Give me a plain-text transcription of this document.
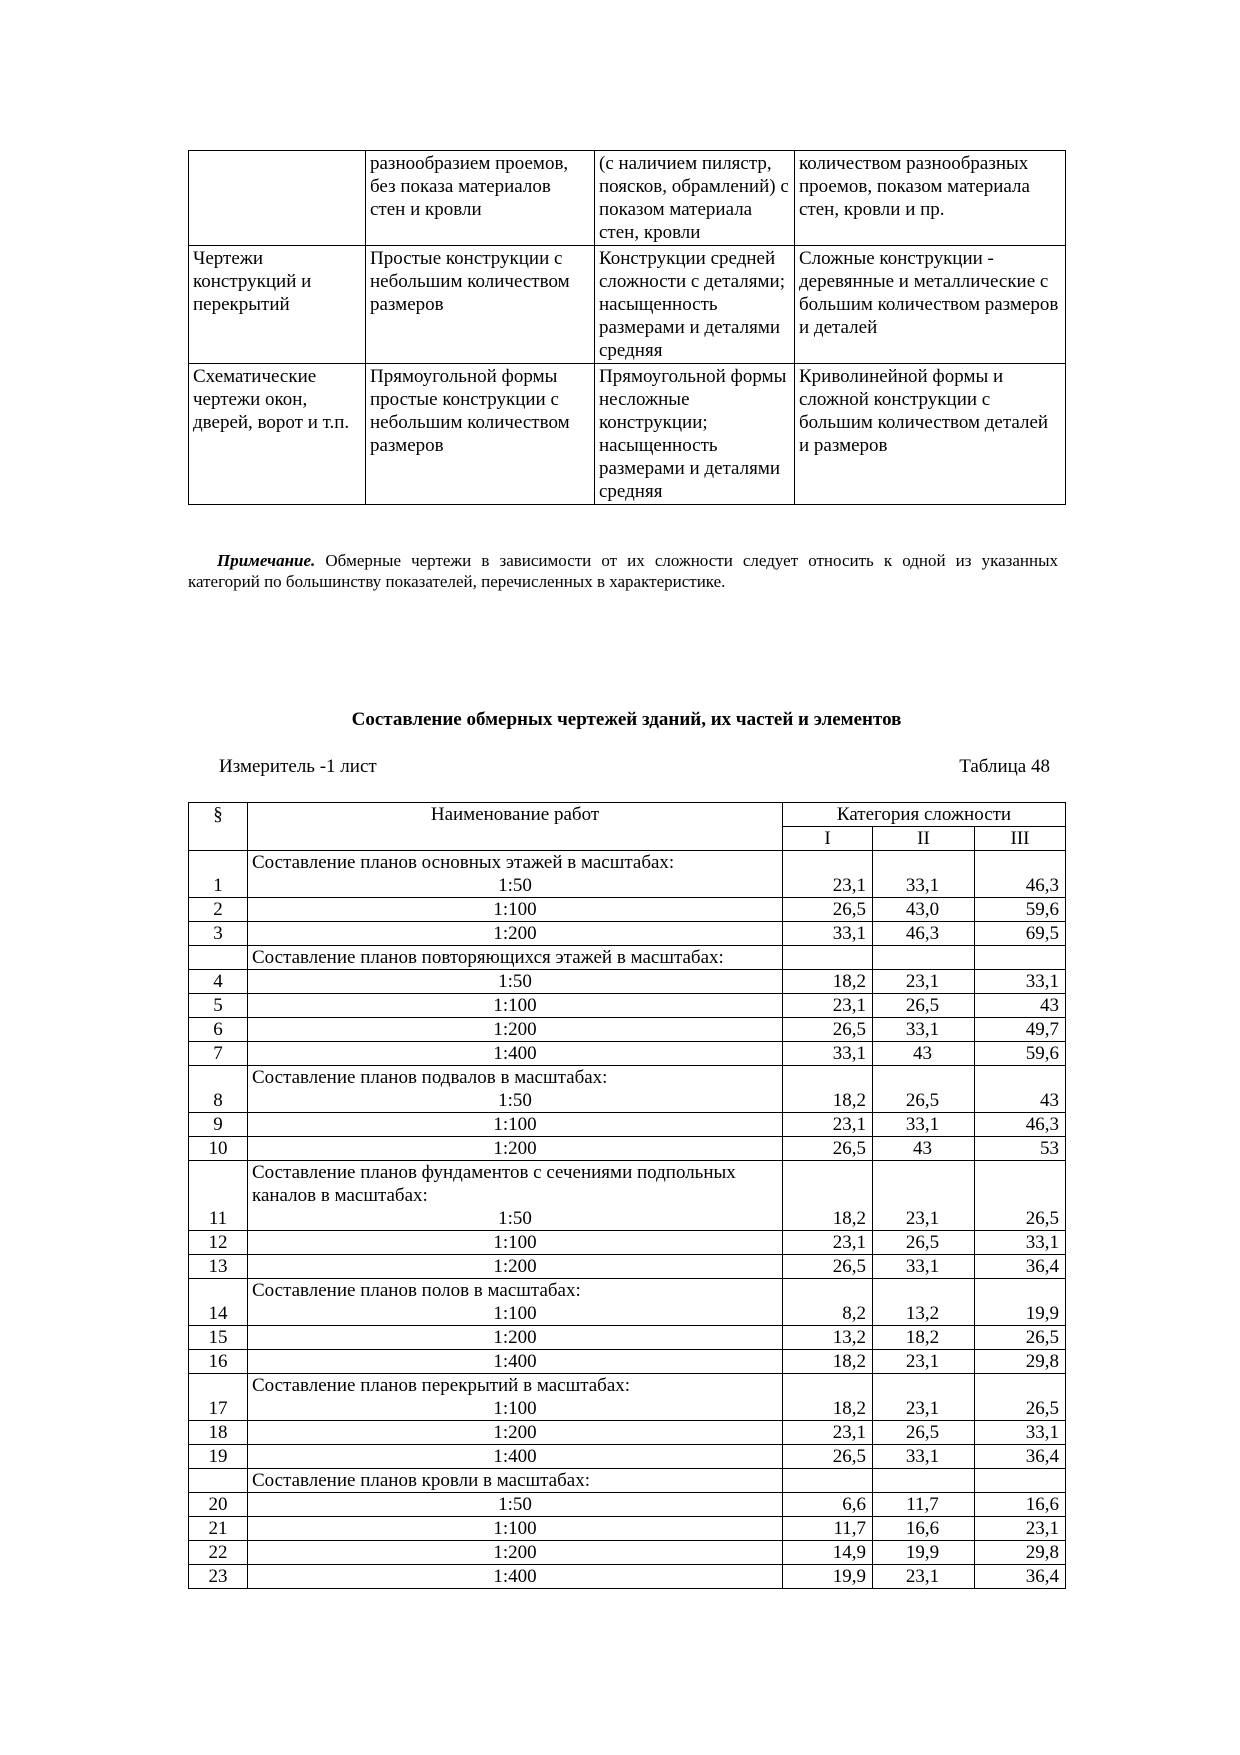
	разнообразием проемов, без показа материалов стен и кровли	(с наличием пилястр, поясков, обрамлений) с показом материала стен, кровли	количеством разнообразных проемов, показом материала стен, кровли и пр.
Чертежи конструкций и перекрытий	Простые конструкции с небольшим количеством размеров	Конструкции средней сложности с деталями; насыщенность размерами и деталями средняя	Сложные конструкции - деревянные и металлические с большим количеством размеров и деталей
Схематические чертежи окон, дверей, ворот и т.п.	Прямоугольной формы простые конструкции с небольшим количеством размеров	Прямоугольной формы несложные конструкции; насыщенность размерами и деталями средняя	Криволинейной формы и сложной конструкции с большим количеством деталей и размеров

Примечание. Обмерные чертежи в зависимости от их сложности следует относить к одной из указанных категорий по большинству показателей, перечисленных в характеристике.

Составление обмерных чертежей зданий, их частей и элементов

Измеритель -1 лист	Таблица 48
§	Наименование работ	Категория сложности		
		I	II	III
1	Составление планов основных этажей в масштабах:
1:50	23,1	33,1	46,3
2	1:100	26,5	43,0	59,6
3	1:200	33,1	46,3	69,5
	Составление планов повторяющихся этажей в масштабах:			
4	1:50	18,2	23,1	33,1
5	1:100	23,1	26,5	43
6	1:200	26,5	33,1	49,7
7	1:400	33,1	43	59,6
8	Составление планов подвалов в масштабах:
1:50	18,2	26,5	43
9	1:100	23,1	33,1	46,3
10	1:200	26,5	43	53
11	Составление планов фундаментов с сечениями подпольных каналов в масштабах:
1:50	18,2	23,1	26,5
12	1:100	23,1	26,5	33,1
13	1:200	26,5	33,1	36,4
14	Составление планов полов в масштабах:
1:100	8,2	13,2	19,9
15	1:200	13,2	18,2	26,5
16	1:400	18,2	23,1	29,8
17	Составление планов перекрытий в масштабах:
1:100	18,2	23,1	26,5
18	1:200	23,1	26,5	33,1
19	1:400	26,5	33,1	36,4
	Составление планов кровли в масштабах:			
20	1:50	6,6	11,7	16,6
21	1:100	11,7	16,6	23,1
22	1:200	14,9	19,9	29,8
23	1:400	19,9	23,1	36,4
